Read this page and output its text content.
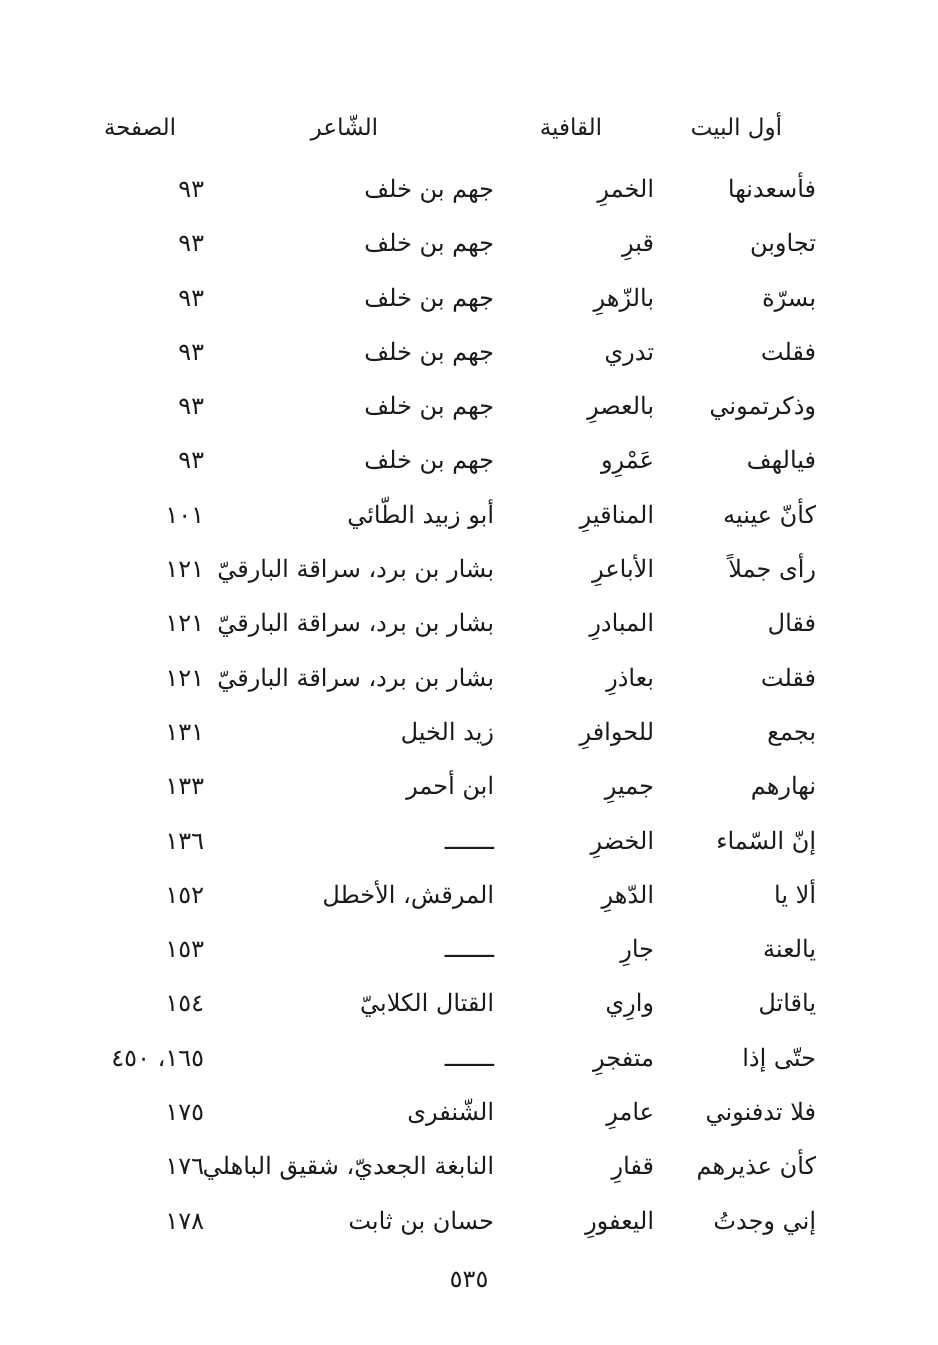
أول البيت
القافية
الشّاعر
الصفحة
فأسعدنها
الخمرِ
جهم بن خلف
٩٣
تجاوبن
قبرِ
جهم بن خلف
٩٣
بسرّة
بالزّهرِ
جهم بن خلف
٩٣
فقلت
تدري
جهم بن خلف
٩٣
وذكرتموني
بالعصرِ
جهم بن خلف
٩٣
فيالهف
عَمْرِو
جهم بن خلف
٩٣
كأنّ عينيه
المناقيرِ
أبو زبيد الطّائي
١٠١
رأى جملاً
الأباعرِ
بشار بن برد، سراقة البارقيّ
١٢١
فقال
المبادرِ
بشار بن برد، سراقة البارقيّ
١٢١
فقلت
بعاذرِ
بشار بن برد، سراقة البارقيّ
١٢١
بجمع
للحوافرِ
زيد الخيل
١٣١
نهارهم
جميرِ
ابن أحمر
١٣٣
إنّ السّماء
الخضرِ
ـــــــ
١٣٦
ألا يا
الدّهرِ
المرقش، الأخطل
١٥٢
يالعنة
جارِ
ـــــــ
١٥٣
ياقاتل
وارِي
القتال الكلابيّ
١٥٤
حتّى إذا
متفجرِ
ـــــــ
١٦٥، ٤٥٠
فلا تدفنوني
عامرِ
الشّنفرى
١٧٥
كأن عذيرهم
قفارِ
النابغة الجعديّ، شقيق الباهلي
١٧٦
إني وجدتُ
اليعفورِ
حسان بن ثابت
١٧٨
٥٣٥
